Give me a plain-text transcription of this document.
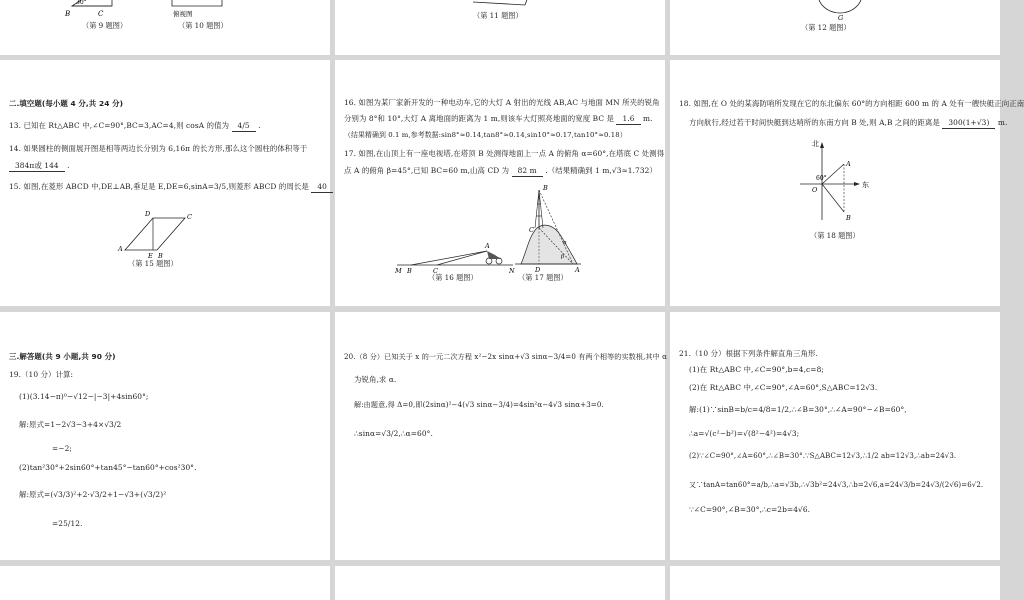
B	C
30°
俯视图
（第 9 题图）	（第 10 题图）
（第 11 题图）	G
（第 12 题图）
二.填空题(每小题 4 分,共 24 分)
13. 已知在 Rt△ABC 中,∠C=90°,BC=3,AC=4,则 cosA 的值为 4/5 .
14. 如果圆柱的侧面展开图是相等两边长分别为 6,16π 的长方形,那么这个圆柱的体积等于
384π或 144 .
15. 如图,在菱形 ABCD 中,DE⊥AB,垂足是 E,DE=6,sinA=3/5,则菱形 ABCD 的周长是 40
D	C
A
E B
（第 15 题图）
16. 如图为某厂家新开发的一种电动车,它的大灯 A 射出的光线 AB,AC 与地面 MN 所夹的锐角
分别为 8°和 10°,大灯 A 离地面的距离为 1 m,则该车大灯照亮地面的宽度 BC 是 1.6 m.
（结果精确到 0.1 m,参考数据:sin8°≈0.14,tan8°≈0.14,sin10°≈0.17,tan10°≈0.18）
17. 如图,在山顶上有一座电视塔,在塔顶 B 处测得地面上一点 A 的俯角 α=60°,在塔底 C 处测得
点 A 的俯角 β=45°,已知 BC=60 m,山高 CD 为 82 m .（结果精确到 1 m,√3≈1.732）
M B	C
A
N
B
C
D	A
α
β
（第 16 题图）	（第 17 题图）
18. 如图,在 O 处的某海防哨所发现在它的东北偏东 60°的方向相距 600 m 的 A 处有一艘快艇正向正南
方向航行,经过若干时间快艇到达哨所的东南方向 B 处,则 A,B 之间的距离是 300(1+√3) m.
北
东
60°
O
A
B
（第 18 题图）
三.解答题(共 9 小题,共 90 分)
19.（10 分）计算:
(1)(3.14−π)⁰−√12−|−3|+4sin60°;
解:原式=1−2√3−3+4×√3/2
=−2;
(2)tan²30°+2sin60°+tan45°−tan60°+cos²30°.
解:原式=(√3/3)²+2·√3/2+1−√3+(√3/2)²
=25/12.
20.（8 分）已知关于 x 的一元二次方程 x²−2x sinα+√3 sinα−3/4=0 有两个相等的实数根,其中 α
为锐角,求 α.
解:由题意,得 Δ=0,即(2sinα)²−4(√3 sinα−3/4)=4sin²α−4√3 sinα+3=0.
∴sinα=√3/2,∴α=60°.
21.（10 分）根据下列条件解直角三角形.
(1)在 Rt△ABC 中,∠C=90°,b=4,c=8;
(2)在 Rt△ABC 中,∠C=90°,∠A=60°,S△ABC=12√3.
解:(1)∵sinB=b/c=4/8=1/2,∴∠B=30°,∴∠A=90°−∠B=60°,
∴a=√(c²−b²)=√(8²−4²)=4√3;
(2)∵∠C=90°,∠A=60°,∴∠B=30°.∵S△ABC=12√3,∴1/2 ab=12√3,∴ab=24√3.
又∵tanA=tan60°=a/b,∴a=√3b,∴√3b²=24√3,∴b=2√6,a=24√3/b=24√3/(2√6)=6√2.
∵∠C=90°,∠B=30°,∴c=2b=4√6.
